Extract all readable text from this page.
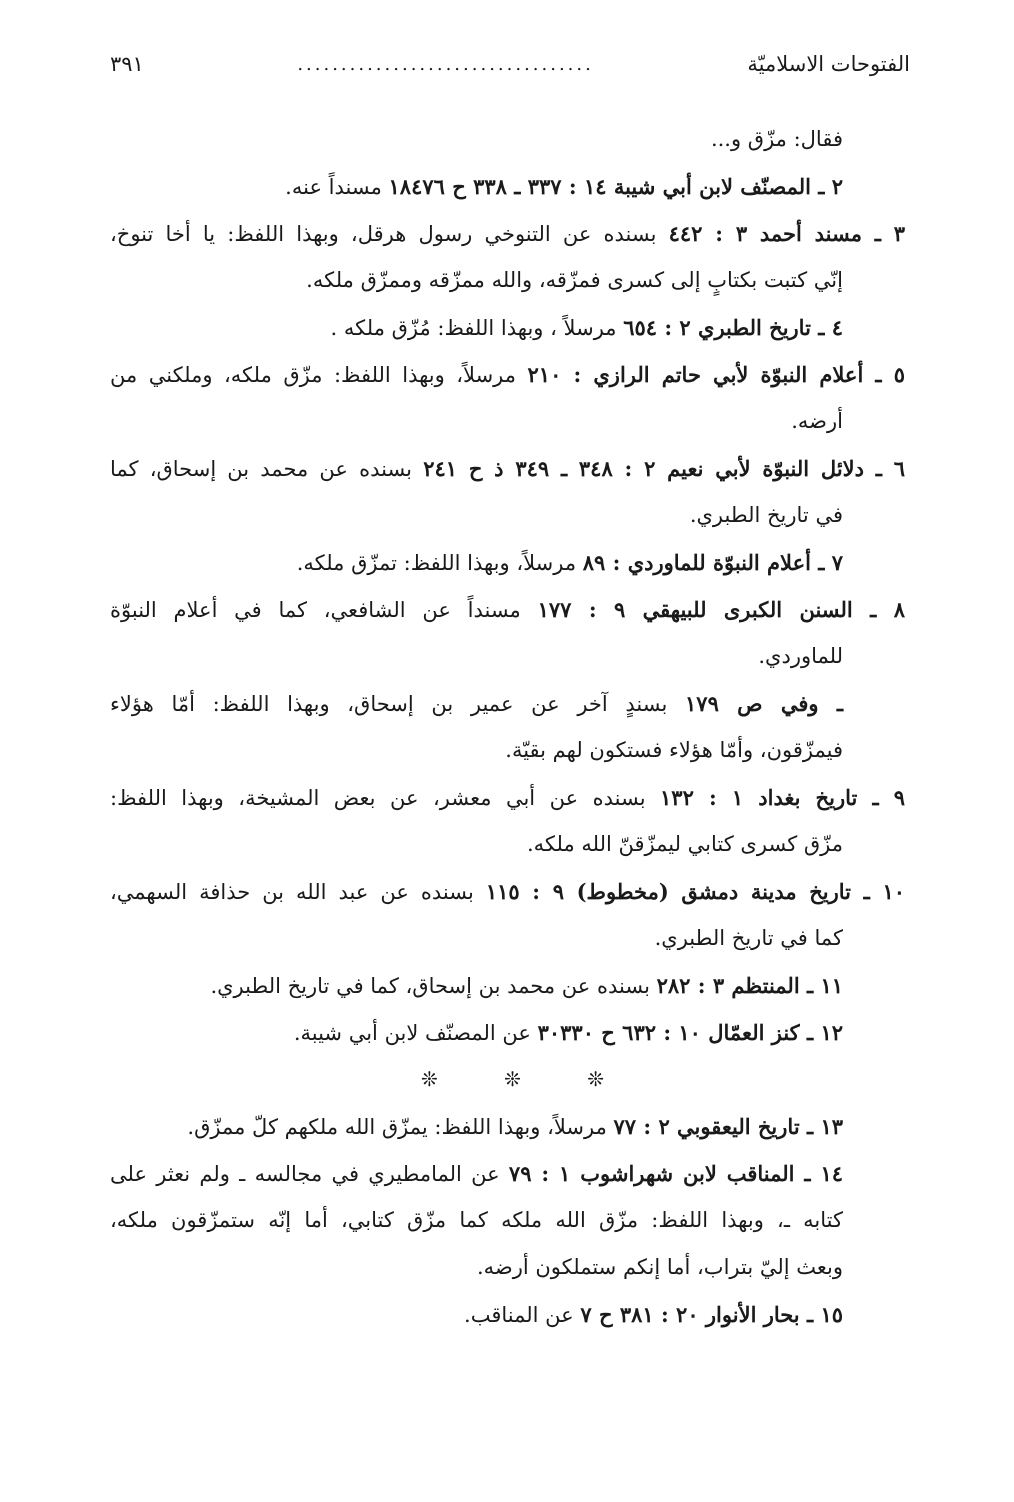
الفتوحات الاسلاميّة
..................................
٣٩١
فقال: مزّق و...
٢ ـ المصنّف لابن أبي شيبة ١٤ : ٣٣٧ ـ ٣٣٨ ح ١٨٤٧٦ مسنداً عنه.
٣ ـ مسند أحمد ٣ : ٤٤٢ بسنده عن التنوخي رسول هرقل، وبهذا اللفظ: يا أخا تنوخ،
إنّي كتبت بكتابٍ إلى كسرى فمزّقه، والله ممزّقه وممزّق ملكه.
٤ ـ تاريخ الطبري ٢ : ٦٥٤ مرسلاً ، وبهذا اللفظ: مُزّق ملكه .
٥ ـ أعلام النبوّة لأبي حاتم الرازي : ٢١٠ مرسلاً، وبهذا اللفظ: مزّق ملكه، وملكني من
أرضه.
٦ ـ دلائل النبوّة لأبي نعيم ٢ : ٣٤٨ ـ ٣٤٩ ذ ح ٢٤١ بسنده عن محمد بن إسحاق، كما
في تاريخ الطبري.
٧ ـ أعلام النبوّة للماوردي : ٨٩ مرسلاً، وبهذا اللفظ: تمزّق ملكه.
٨ ـ السنن الكبرى للبيهقي ٩ : ١٧٧ مسنداً عن الشافعي، كما في أعلام النبوّة
للماوردي.
ـ وفي ص ١٧٩ بسندٍ آخر عن عمير بن إسحاق، وبهذا اللفظ: أمّا هؤلاء
فيمزّقون، وأمّا هؤلاء فستكون لهم بقيّة.
٩ ـ تاريخ بغداد ١ : ١٣٢ بسنده عن أبي معشر، عن بعض المشيخة، وبهذا اللفظ:
مزّق كسرى كتابي ليمزّقنّ الله ملكه.
١٠ ـ تاريخ مدينة دمشق (مخطوط) ٩ : ١١٥ بسنده عن عبد الله بن حذافة السهمي،
كما في تاريخ الطبري.
١١ ـ المنتظم ٣ : ٢٨٢ بسنده عن محمد بن إسحاق، كما في تاريخ الطبري.
١٢ ـ كنز العمّال ١٠ : ٦٣٢ ح ٣٠٣٣٠ عن المصنّف لابن أبي شيبة.
❊ ❊ ❊
١٣ ـ تاريخ اليعقوبي ٢ : ٧٧ مرسلاً، وبهذا اللفظ: يمزّق الله ملكهم كلّ ممزّق.
١٤ ـ المناقب لابن شهراشوب ١ : ٧٩ عن المامطيري في مجالسه ـ ولم نعثر على
كتابه ـ، وبهذا اللفظ: مزّق الله ملكه كما مزّق كتابي، أما إنّه ستمزّقون ملكه،
وبعث إليّ بتراب، أما إنكم ستملكون أرضه.
١٥ ـ بحار الأنوار ٢٠ : ٣٨١ ح ٧ عن المناقب.
